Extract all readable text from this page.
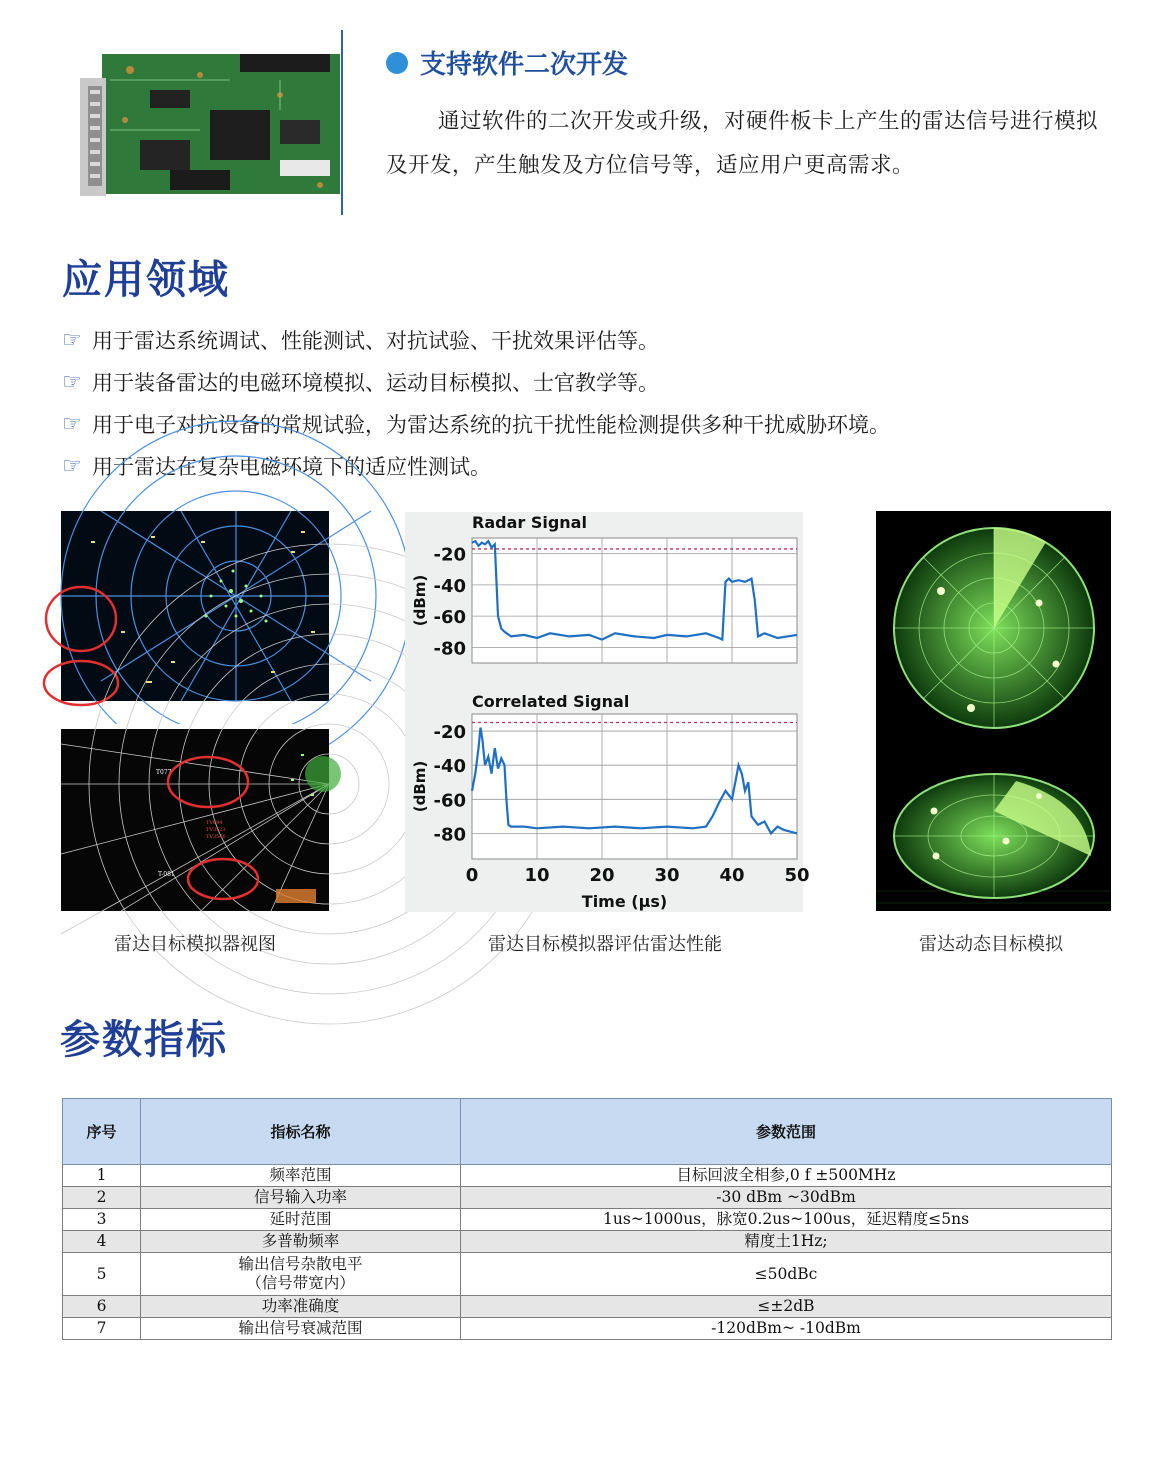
支持软件二次开发
通过软件的二次开发或升级，对硬件板卡上产生的雷达信号进行模拟及开发，产生触发及方位信号等，适应用户更高需求。
应用领域
☞ 用于雷达系统调试、性能测试、对抗试验、干扰效果评估等。
☞ 用于装备雷达的电磁环境模拟、运动目标模拟、士官教学等。
☞ 用于电子对抗设备的常规试验，为雷达系统的抗干扰性能检测提供多种干扰威胁环境。
☞ 用于雷达在复杂电磁环境下的适应性测试。
T077
T-081
TV694
TV3523
TV3546
-20
-40
-60
-80
Radar Signal
(dBm)
-20
-40
-60
-80
Correlated Signal
(dBm)
0	10 20 30 40 50
Time (μs)
雷达目标模拟器视图	雷达目标模拟器评估雷达性能	雷达动态目标模拟
参数指标
序号	指标名称	参数范围
1	频率范围	目标回波全相参,0 f ±500MHz
2	信号输入功率	-30 dBm ~30dBm
3	延时范围	1us~1000us，脉宽0.2us~100us，延迟精度≤5ns
4	多普勒频率	精度土1Hz;
5	输出信号杂散电平
（信号带宽内）	≤50dBc
6	功率准确度	≤±2dB
7	输出信号衰减范围	-120dBm~ -10dBm
